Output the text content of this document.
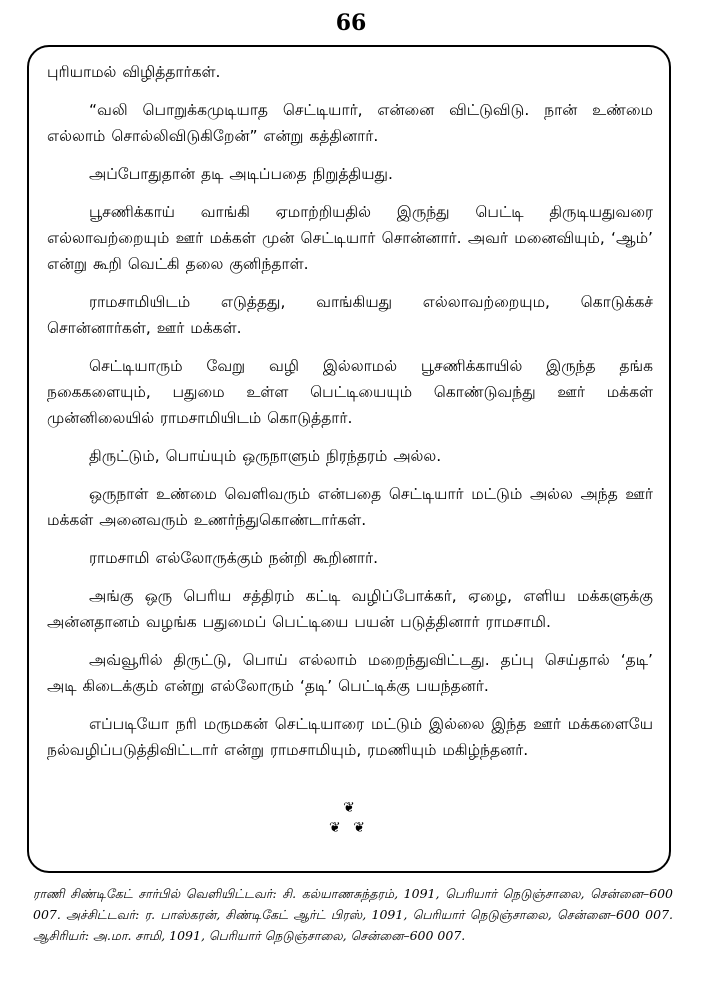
66

புரியாமல் விழித்தார்கள்.

“வலி பொறுக்கமுடியாத செட்டியார், என்னை விட்டுவிடு. நான் உண்மை எல்லாம் சொல்லிவிடுகிறேன்” என்று கத்தினார்.

அப்போதுதான் தடி அடிப்பதை நிறுத்தியது.

பூசணிக்காய் வாங்கி ஏமாற்றியதில் இருந்து பெட்டி திருடியதுவரை எல்லாவற்றையும் ஊர் மக்கள் முன் செட்டியார் சொன்னார். அவர் மனைவியும், ‘ஆம்’ என்று கூறி வெட்கி தலை குனிந்தாள்.

ராமசாமியிடம் எடுத்தது, வாங்கியது எல்லாவற்றையும, கொடுக்கச் சொன்னார்கள், ஊர் மக்கள்.

செட்டியாரும் வேறு வழி இல்லாமல் பூசணிக்காயில் இருந்த தங்க நகைகளையும், பதுமை உள்ள பெட்டியையும் கொண்டுவந்து ஊர் மக்கள் முன்னிலையில் ராமசாமியிடம் கொடுத்தார்.

திருட்டும், பொய்யும் ஒருநாளும் நிரந்தரம் அல்ல.

ஒருநாள் உண்மை வெளிவரும் என்பதை செட்டியார் மட்டும் அல்ல அந்த ஊர் மக்கள் அனைவரும் உணர்ந்துகொண்டார்கள்.

ராமசாமி எல்லோருக்கும் நன்றி கூறினார்.

அங்கு ஒரு பெரிய சத்திரம் கட்டி வழிப்போக்கர், ஏழை, எளிய மக்களுக்கு அன்னதானம் வழங்க பதுமைப் பெட்டியை பயன் படுத்தினார் ராமசாமி.

அவ்வூரில் திருட்டு, பொய் எல்லாம் மறைந்துவிட்டது. தப்பு செய்தால் ‘தடி’ அடி கிடைக்கும் என்று எல்லோரும் ‘தடி’ பெட்டிக்கு பயந்தனர்.

எப்படியோ நரி மருமகன் செட்டியாரை மட்டும் இல்லை இந்த ஊர் மக்களையே நல்வழிப்படுத்திவிட்டார் என்று ராமசாமியும், ரமணியும் மகிழ்ந்தனர்.

❦
❦ ❦
ராணி சிண்டிகேட் சார்பில் வெளியிட்டவர்: சி. கல்யாணசுந்தரம், 1091, பெரியார் நெடுஞ்சாலை, சென்னை–600 007. அச்சிட்டவர்: ர. பாஸ்கரன், சிண்டிகேட் ஆர்ட் பிரஸ், 1091, பெரியார் நெடுஞ்சாலை, சென்னை–600 007. ஆசிரியர்: அ.மா. சாமி, 1091, பெரியார் நெடுஞ்சாலை, சென்னை–600 007.
